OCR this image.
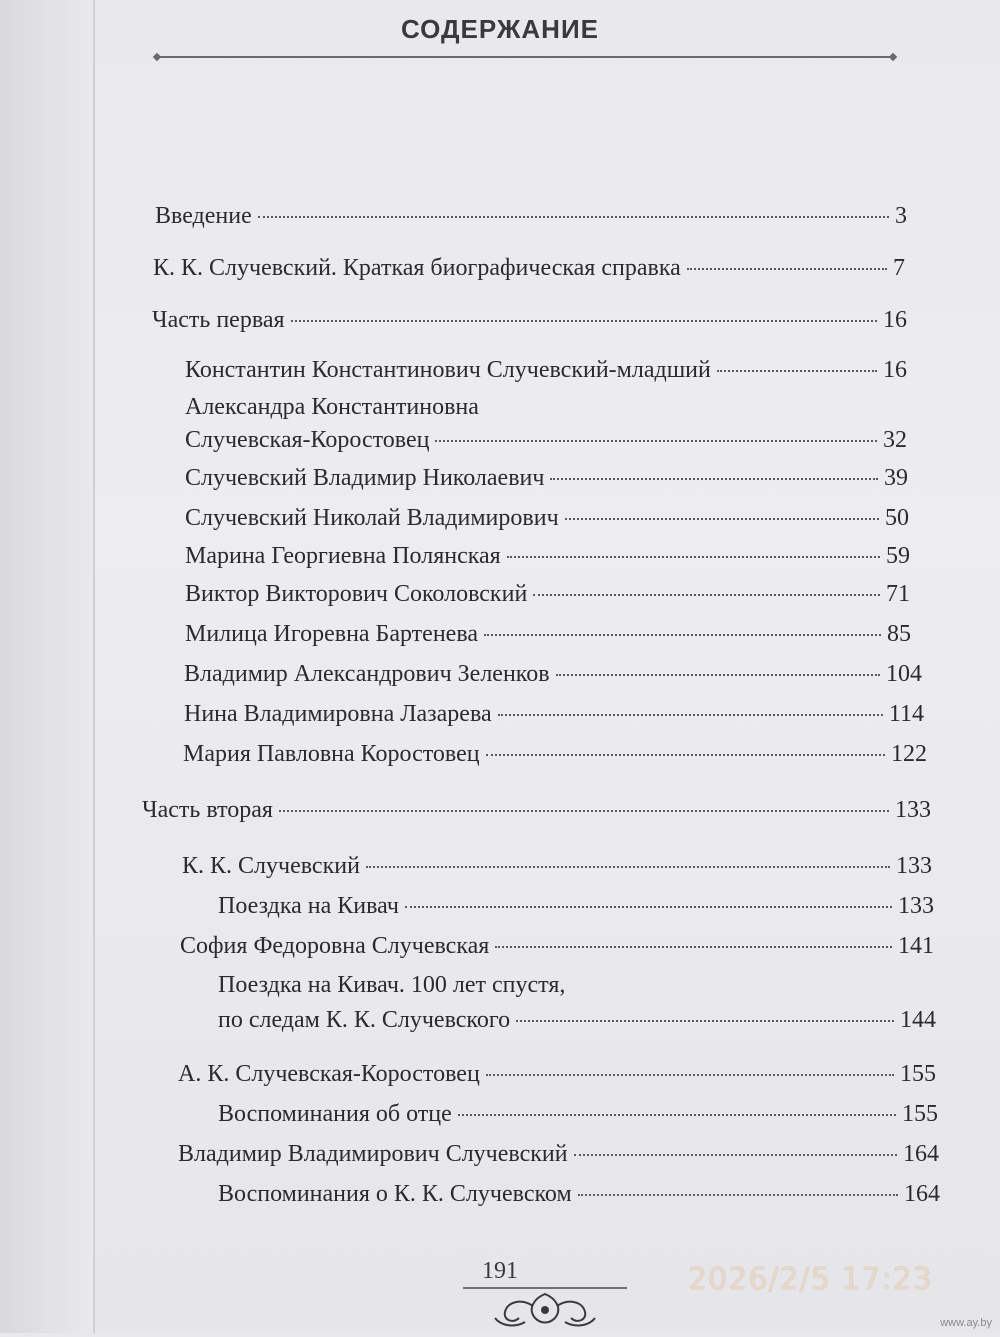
СОДЕРЖАНИЕ
Введение	3
К. К. Случевский. Краткая биографическая справка	7
Часть первая	16
Константин Константинович Случевский-младший	16
Александра Константиновна
Случевская-Коростовец	32
Случевский Владимир Николаевич	39
Случевский Николай Владимирович	50
Марина Георгиевна Полянская	59
Виктор Викторович Соколовский	71
Милица Игоревна Бартенева	85
Владимир Александрович Зеленков	104
Нина Владимировна Лазарева	114
Мария Павловна Коростовец	122
Часть вторая	133
К. К. Случевский	133
Поездка на Кивач	133
София Федоровна Случевская	141
Поездка на Кивач. 100 лет спустя,
по следам К. К. Случевского	144
А. К. Случевская-Коростовец	155
Воспоминания об отце	155
Владимир Владимирович Случевский	164
Воспоминания о К. К. Случевском	164
191	2026/2/5 17:23
www.ay.by
